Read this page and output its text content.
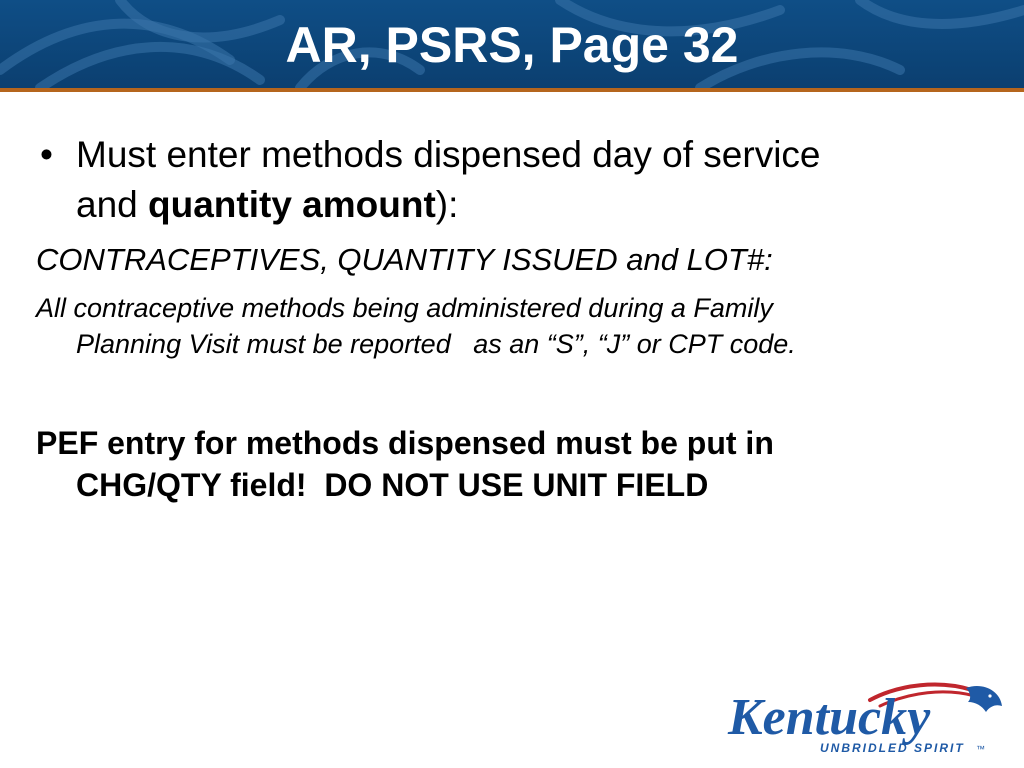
AR, PSRS, Page 32
• Must enter methods dispensed day of service
and quantity amount):
CONTRACEPTIVES, QUANTITY ISSUED and LOT#:
All contraceptive methods being administered during a Family
Planning Visit must be reported   as an “S”, “J” or CPT code.
PEF entry for methods dispensed must be put in
CHG/QTY field!  DO NOT USE UNIT FIELD
Kentucky
UNBRIDLED SPIRIT ™
